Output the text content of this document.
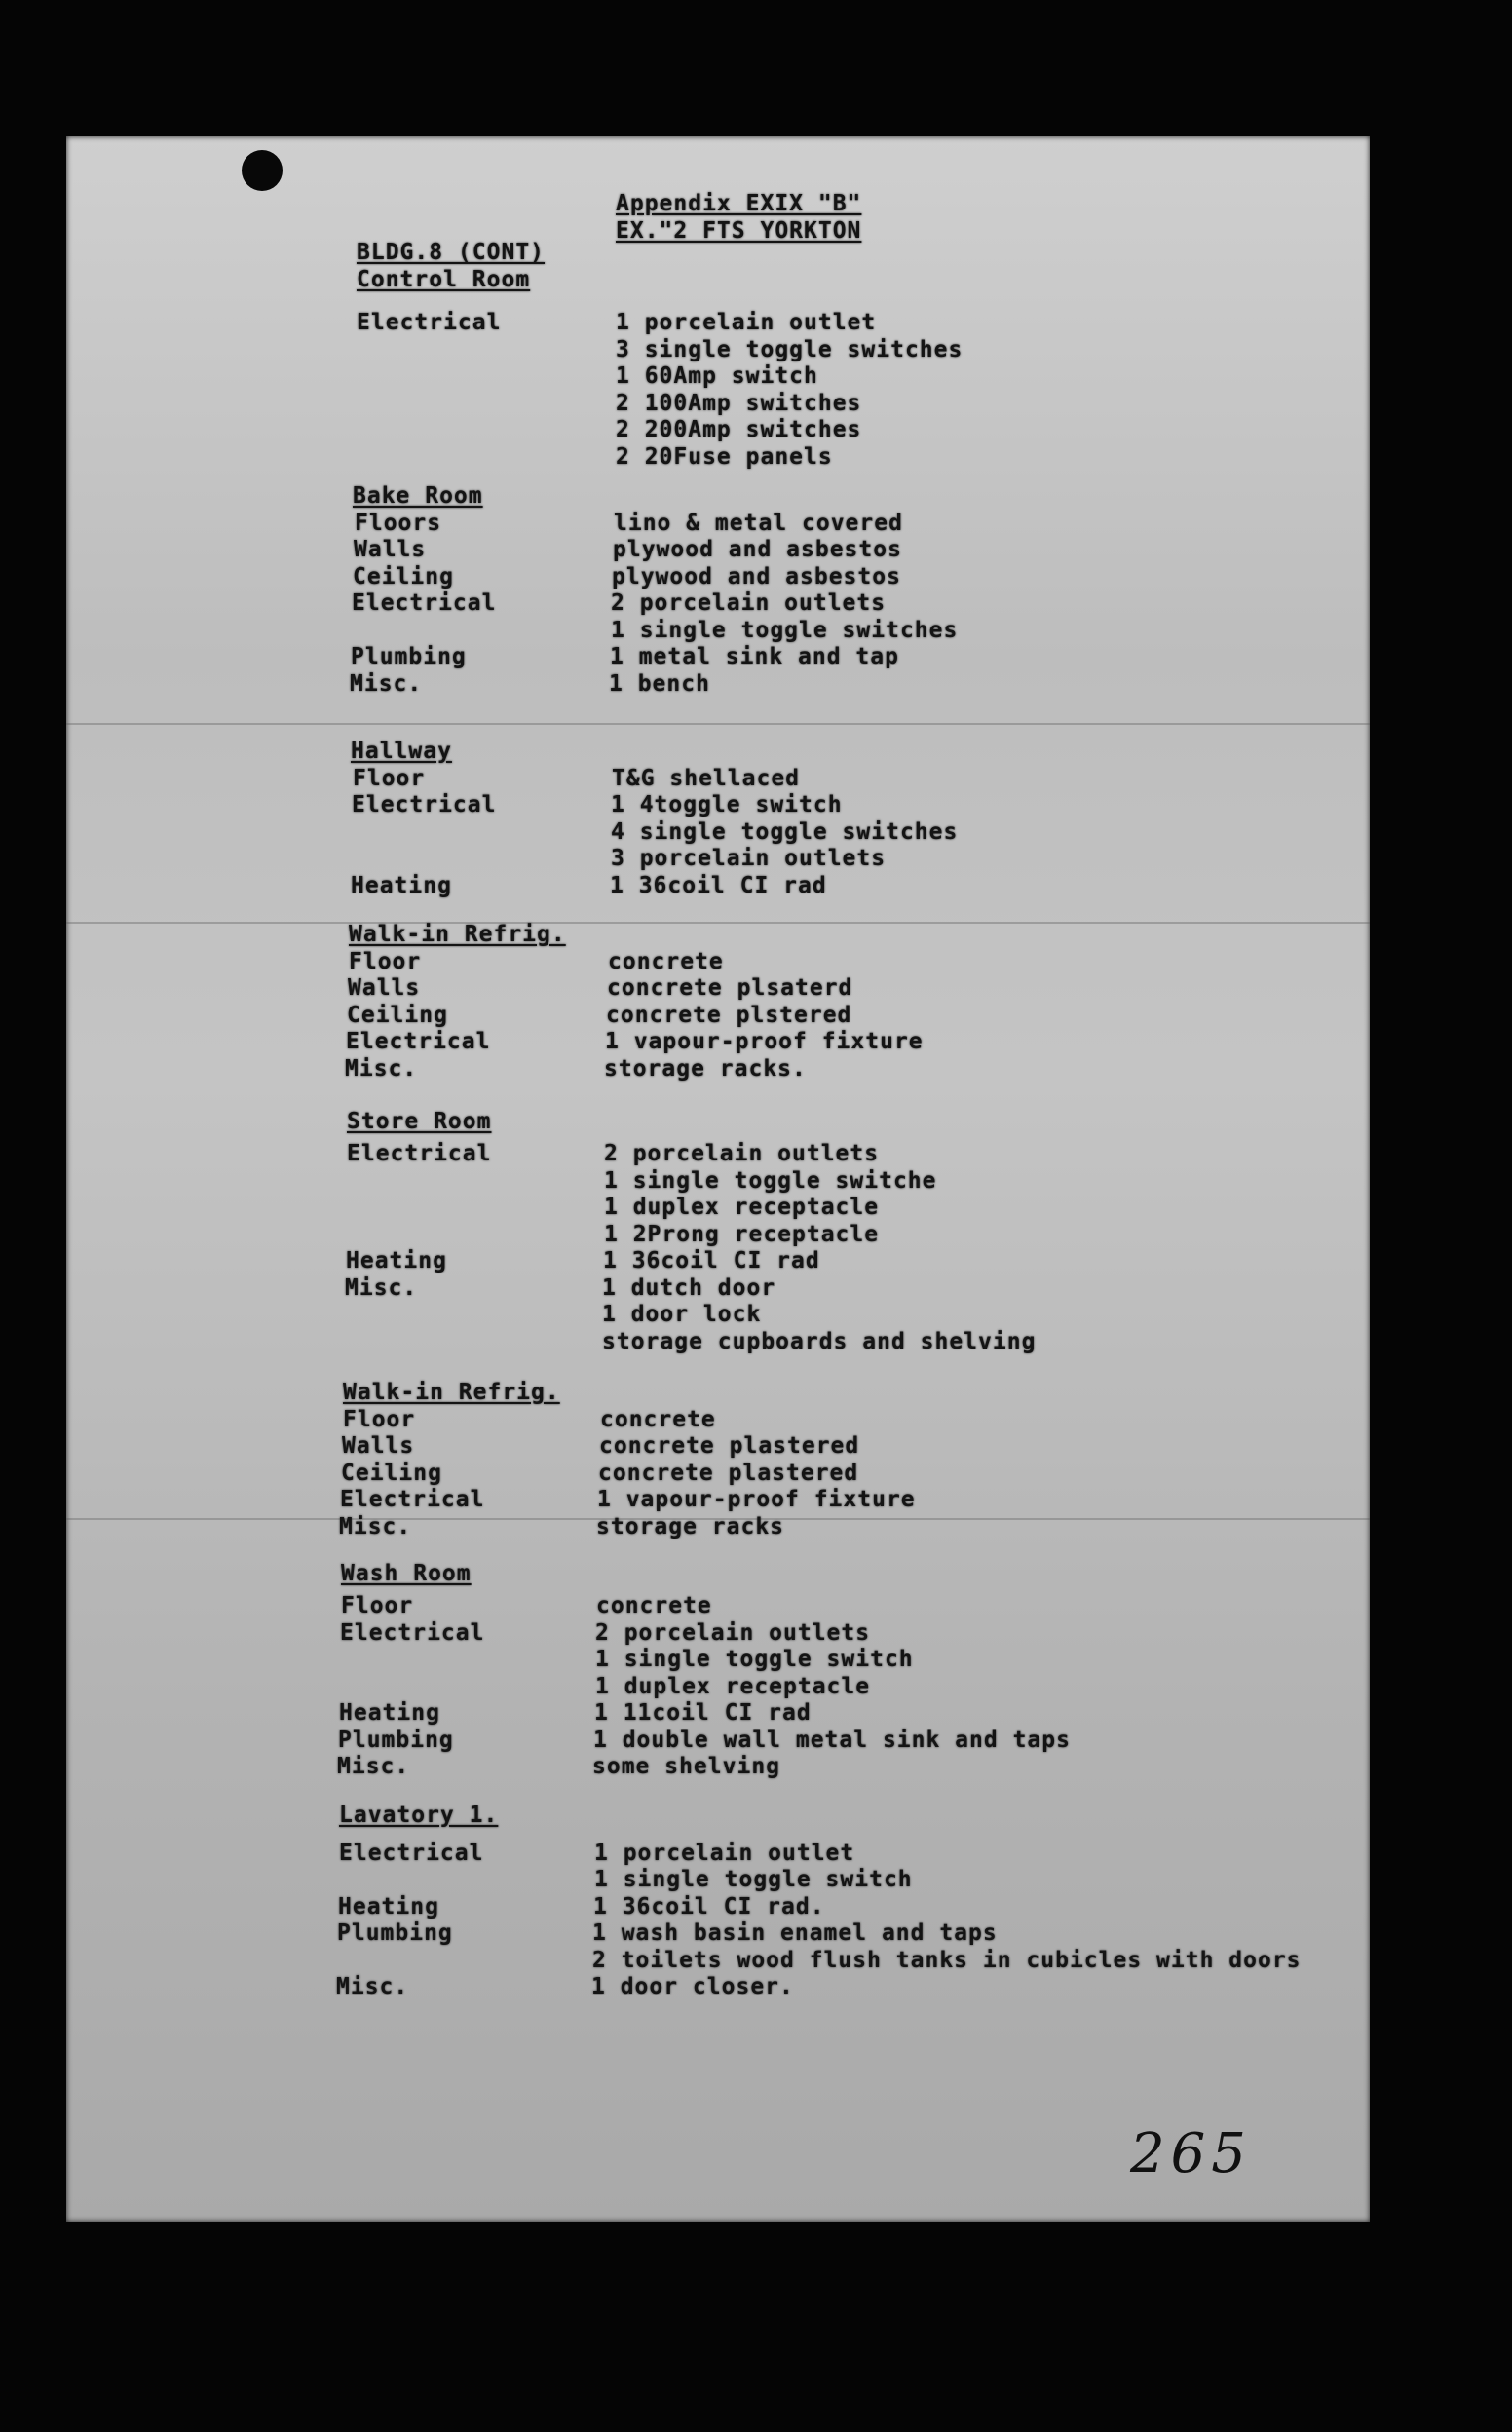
Appendix EXIX "B"
EX."2 FTS YORKTON
BLDG.8 (CONT)
Control Room
Electrical	1 porcelain outlet
3 single toggle switches
1 60Amp switch
2 100Amp switches
2 200Amp switches
2 20Fuse panels
Bake Room
Floors	lino & metal covered
Walls	plywood and asbestos
Ceiling	plywood and asbestos
Electrical	2 porcelain outlets
1 single toggle switches
Plumbing	1 metal sink and tap
Misc.	1 bench
Hallway
Floor	T&G shellaced
Electrical	1 4toggle switch
4 single toggle switches
3 porcelain outlets
Heating	1 36coil CI rad
Walk-in Refrig.
Floor	concrete
Walls	concrete plsaterd
Ceiling	concrete plstered
Electrical	1 vapour-proof fixture
Misc.	storage racks.
Store Room
Electrical	2 porcelain outlets
1 single toggle switche
1 duplex receptacle
1 2Prong receptacle
Heating	1 36coil CI rad
Misc.	1 dutch door
1 door lock
storage cupboards and shelving
Walk-in Refrig.
Floor	concrete
Walls	concrete plastered
Ceiling	concrete plastered
Electrical	1 vapour-proof fixture
Misc.	storage racks
Wash Room
Floor	concrete
Electrical	2 porcelain outlets
1 single toggle switch
1 duplex receptacle
Heating	1 11coil CI rad
Plumbing	1 double wall metal sink and taps
Misc.	some shelving
Lavatory 1.
Electrical	1 porcelain outlet
1 single toggle switch
Heating	1 36coil CI rad.
Plumbing	1 wash basin enamel and taps
2 toilets wood flush tanks in cubicles with doors
Misc.	1 door closer.
265
